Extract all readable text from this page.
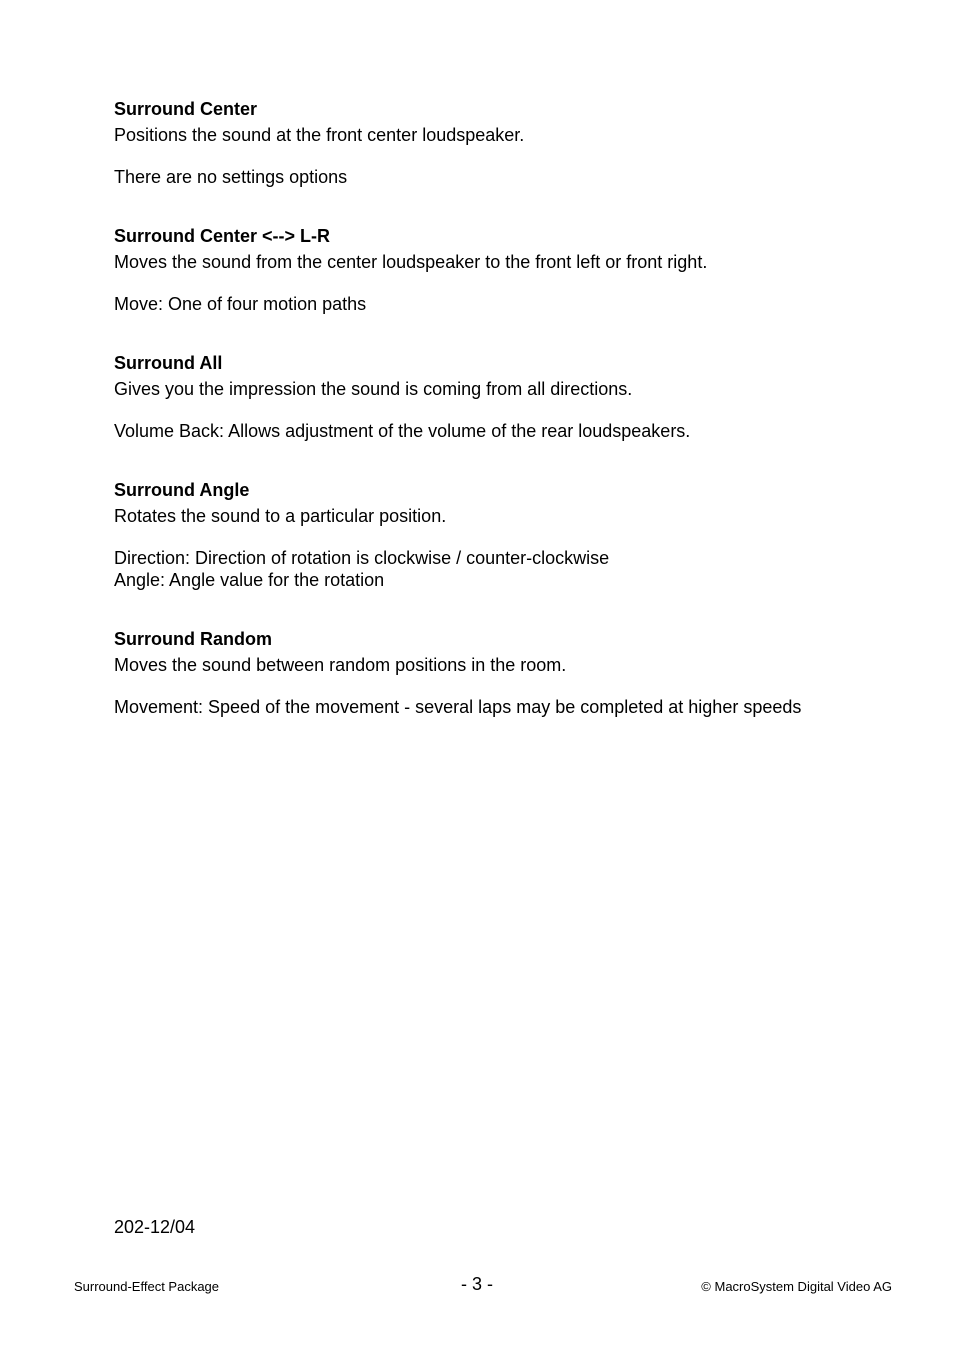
Surround Center

Positions the sound at the front center loudspeaker.

There are no settings options

Surround Center <--> L-R

Moves the sound from the center loudspeaker to the front left or front right.

Move: One of four motion paths

Surround All

Gives you the impression the sound is coming from all directions.

Volume Back: Allows adjustment of the volume of the rear loudspeakers.

Surround Angle

Rotates the sound to a particular position.

Direction: Direction of rotation is clockwise / counter-clockwise

Angle: Angle value for the rotation

Surround Random

Moves the sound between random positions in the room.

Movement: Speed of the movement - several laps may be completed at higher speeds

202-12/04
Surround-Effect Package	- 3 -	© MacroSystem Digital Video AG
